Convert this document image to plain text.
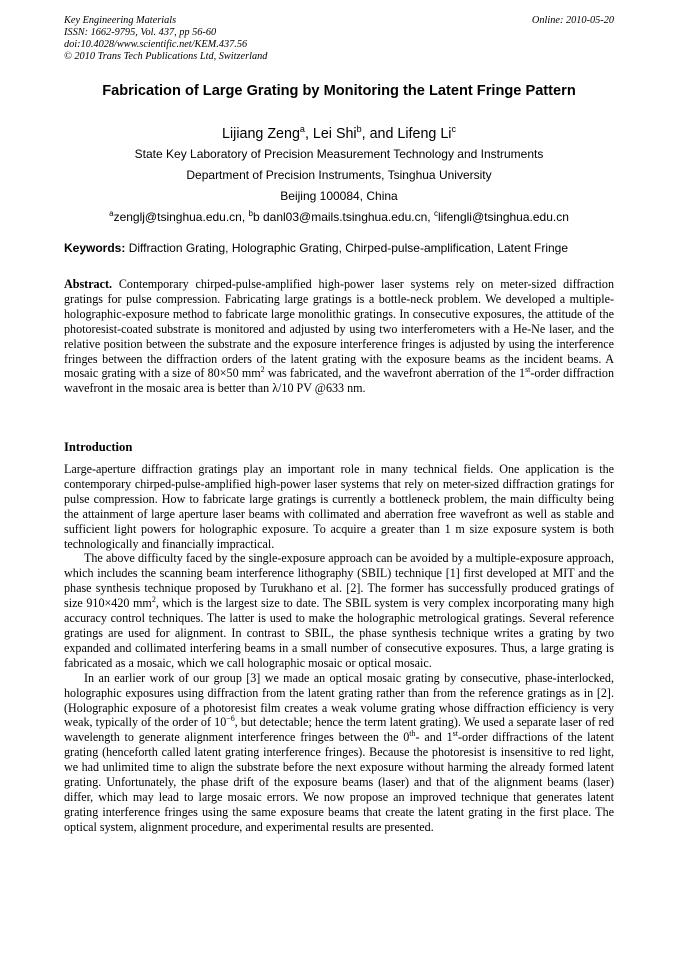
Key Engineering Materials
ISSN: 1662-9795, Vol. 437, pp 56-60
doi:10.4028/www.scientific.net/KEM.437.56
© 2010 Trans Tech Publications Ltd, Switzerland
Online: 2010-05-20
Fabrication of Large Grating by Monitoring the Latent Fringe Pattern
Lijiang Zeng$^a$, Lei Shi$^b$, and Lifeng Li$^c$
State Key Laboratory of Precision Measurement Technology and Instruments
Department of Precision Instruments, Tsinghua University
Beijing 100084, China
$^a$zenglj@tsinghua.edu.cn, $^b$b danl03@mails.tsinghua.edu.cn, $^c$lifengli@tsinghua.edu.cn
Keywords: Diffraction Grating, Holographic Grating, Chirped-pulse-amplification, Latent Fringe
Abstract. Contemporary chirped-pulse-amplified high-power laser systems rely on meter-sized diffraction gratings for pulse compression. Fabricating large gratings is a bottle-neck problem. We developed a multiple-holographic-exposure method to fabricate large monolithic gratings. In consecutive exposures, the attitude of the photoresist-coated substrate is monitored and adjusted by using two interferometers with a He-Ne laser, and the relative position between the substrate and the exposure interference fringes is adjusted by using the interference fringes between the diffraction orders of the latent grating with the exposure beams as the incident beams. A mosaic grating with a size of 80×50 $mm^2$ was fabricated, and the wavefront aberration of the 1st-order diffraction wavefront in the mosaic area is better than λ/10 PV @633 nm.
Introduction
Large-aperture diffraction gratings play an important role in many technical fields. One application is the contemporary chirped-pulse-amplified high-power laser systems that rely on meter-sized diffraction gratings for pulse compression. How to fabricate large gratings is currently a bottleneck problem, the main difficulty being the attainment of large aperture laser beams with collimated and aberration free wavefront as well as stable and sufficient light powers for holographic exposure. To acquire a greater than 1 m size exposure system is both technologically and financially impractical.
The above difficulty faced by the single-exposure approach can be avoided by a multiple-exposure approach, which includes the scanning beam interference lithography (SBIL) technique [1] first developed at MIT and the phase synthesis technique proposed by Turukhano et al. [2]. The former has successfully produced gratings of size 910×420 $mm^2$, which is the largest size to date. The SBIL system is very complex incorporating many high accuracy control techniques. The latter is used to make the holographic metrological gratings. Several reference gratings are used for alignment. In contrast to SBIL, the phase synthesis technique writes a grating by two expanded and collimated interfering beams in a small number of consecutive exposures. Thus, a large grating is fabricated as a mosaic, which we call holographic mosaic or optical mosaic.
In an earlier work of our group [3] we made an optical mosaic grating by consecutive, phase-interlocked, holographic exposures using diffraction from the latent grating rather than from the reference gratings as in [2]. (Holographic exposure of a photoresist film creates a weak volume grating whose diffraction efficiency is very weak, typically of the order of $10^{-6}$, but detectable; hence the term latent grating). We used a separate laser of red wavelength to generate alignment interference fringes between the 0th- and 1st-order diffractions of the latent grating (henceforth called latent grating interference fringes). Because the photoresist is insensitive to red light, we had unlimited time to align the substrate before the next exposure without harming the already formed latent grating. Unfortunately, the phase drift of the exposure beams (laser) and that of the alignment beams (laser) differ, which may lead to large mosaic errors. We now propose an improved technique that generates latent grating interference fringes using the same exposure beams that create the latent grating in the first place. The optical system, alignment procedure, and experimental results are presented.
